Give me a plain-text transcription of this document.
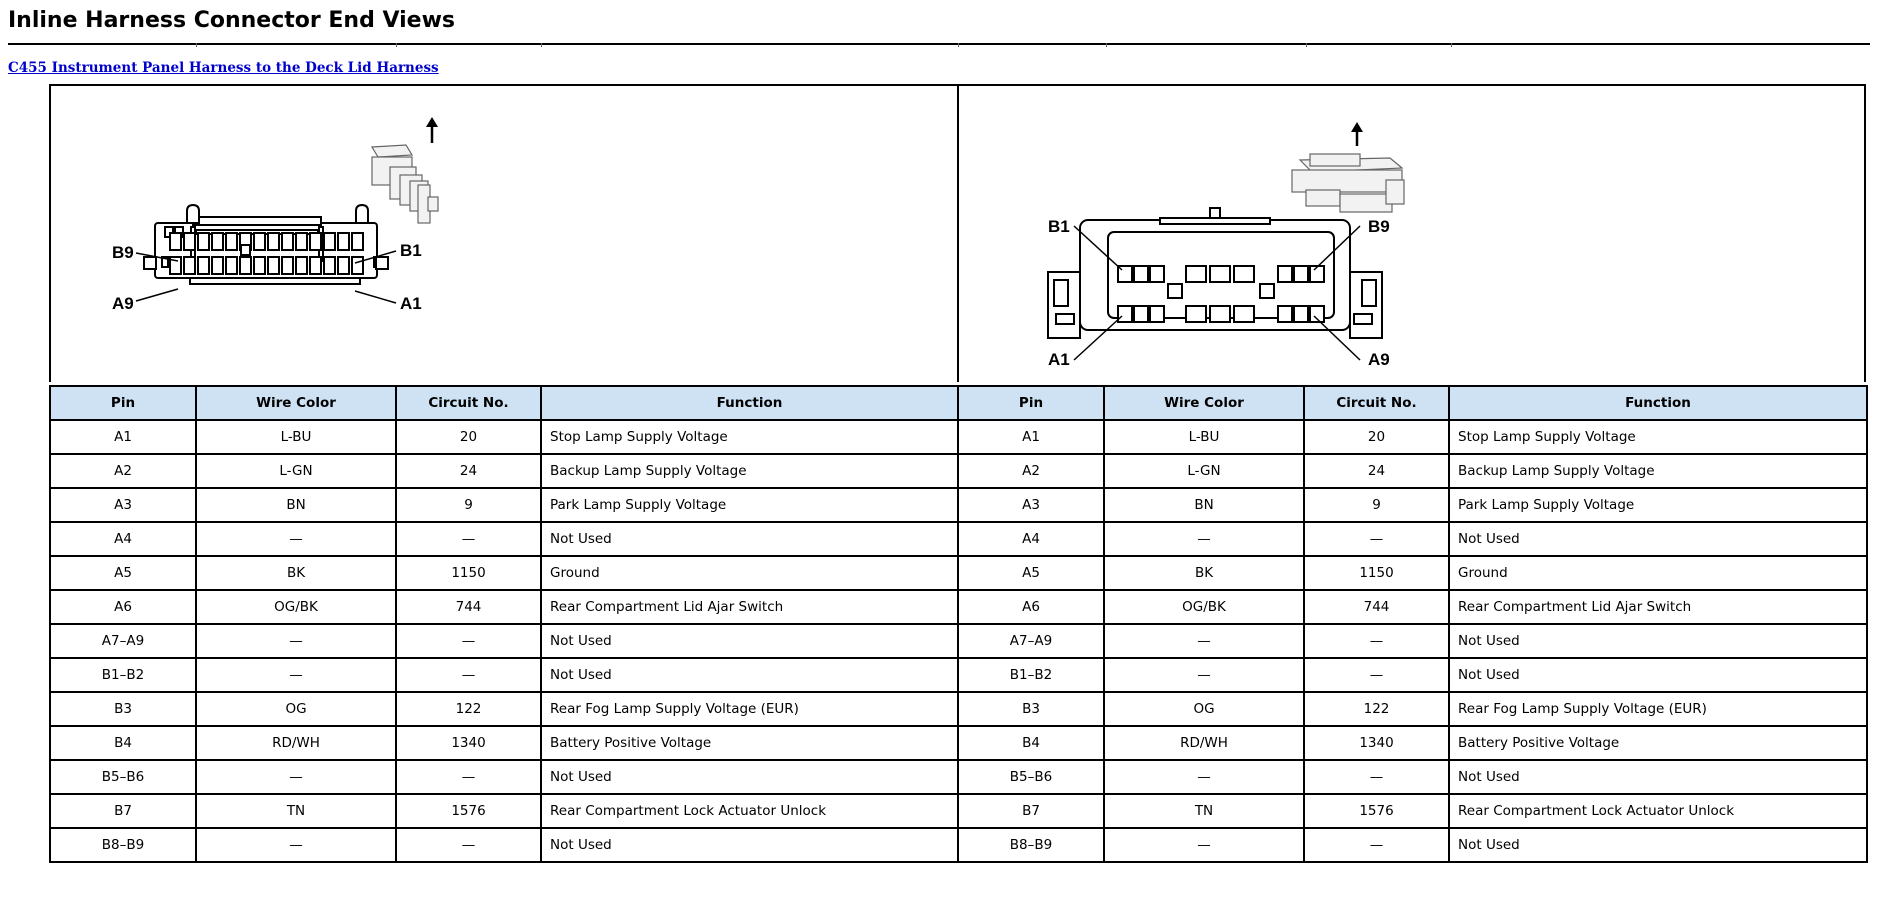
Inline Harness Connector End Views
C455 Instrument Panel Harness to the Deck Lid Harness
B9	B1
A9	A1
B1	B9
A1	A9
Pin	Wire Color	Circuit No.	Function	Pin	Wire Color	Circuit No.	Function
A1	L-BU	20	Stop Lamp Supply Voltage	A1	L-BU	20	Stop Lamp Supply Voltage
A2	L-GN	24	Backup Lamp Supply Voltage	A2	L-GN	24	Backup Lamp Supply Voltage
A3	BN	9	Park Lamp Supply Voltage	A3	BN	9	Park Lamp Supply Voltage
A4	—	—	Not Used	A4	—	—	Not Used
A5	BK	1150	Ground	A5	BK	1150	Ground
A6	OG/BK	744	Rear Compartment Lid Ajar Switch	A6	OG/BK	744	Rear Compartment Lid Ajar Switch
A7–A9	—	—	Not Used	A7–A9	—	—	Not Used
B1–B2	—	—	Not Used	B1–B2	—	—	Not Used
B3	OG	122	Rear Fog Lamp Supply Voltage (EUR)	B3	OG	122	Rear Fog Lamp Supply Voltage (EUR)
B4	RD/WH	1340	Battery Positive Voltage	B4	RD/WH	1340	Battery Positive Voltage
B5–B6	—	—	Not Used	B5–B6	—	—	Not Used
B7	TN	1576	Rear Compartment Lock Actuator Unlock	B7	TN	1576	Rear Compartment Lock Actuator Unlock
B8–B9	—	—	Not Used	B8–B9	—	—	Not Used
